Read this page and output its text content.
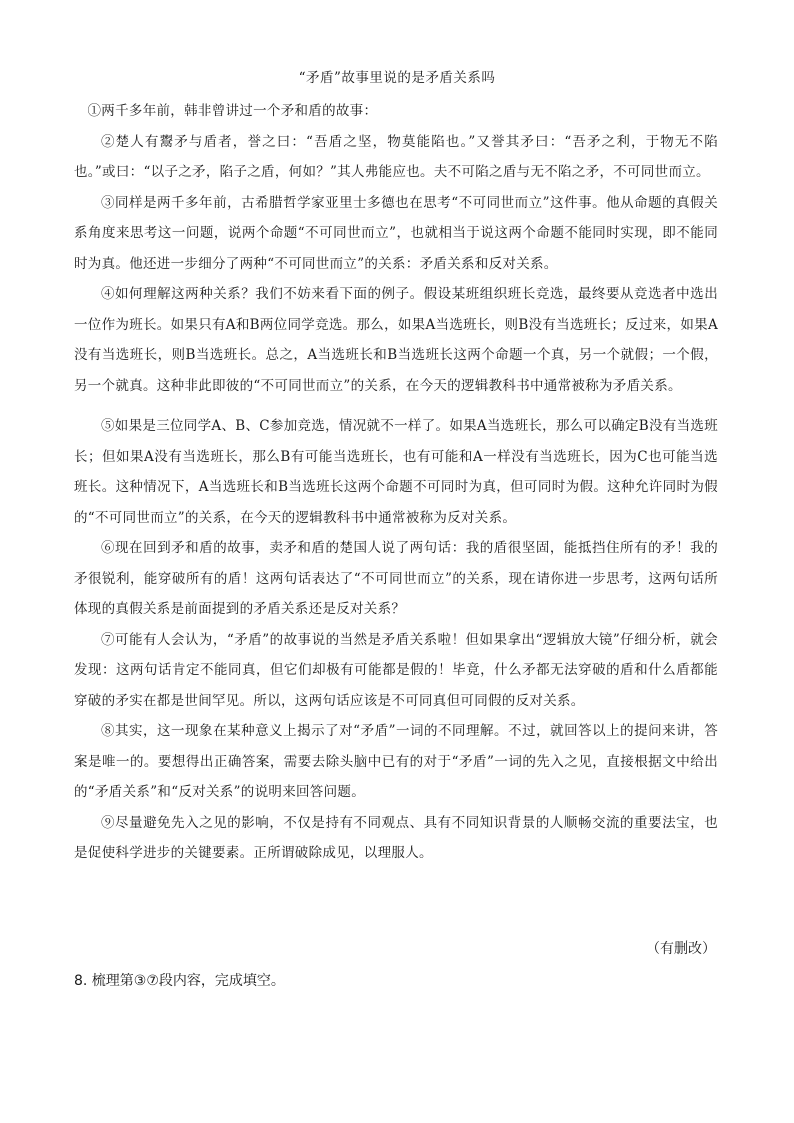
“矛盾”故事里说的是矛盾关系吗

①两千多年前，韩非曾讲过一个矛和盾的故事：

②楚人有鬻矛与盾者，誉之曰：“吾盾之坚，物莫能陷也。”又誉其矛曰：“吾矛之利，于物无不陷也。”或曰：“以子之矛，陷子之盾，何如？”其人弗能应也。夫不可陷之盾与无不陷之矛，不可同世而立。

③同样是两千多年前，古希腊哲学家亚里士多德也在思考“不可同世而立”这件事。他从命题的真假关系角度来思考这一问题，说两个命题“不可同世而立”，也就相当于说这两个命题不能同时实现，即不能同时为真。他还进一步细分了两种“不可同世而立”的关系：矛盾关系和反对关系。

④如何理解这两种关系？我们不妨来看下面的例子。假设某班组织班长竞选，最终要从竞选者中选出一位作为班长。如果只有A和B两位同学竞选。那么，如果A当选班长，则B没有当选班长；反过来，如果A没有当选班长，则B当选班长。总之，A当选班长和B当选班长这两个命题一个真，另一个就假；一个假，另一个就真。这种非此即彼的“不可同世而立”的关系，在今天的逻辑教科书中通常被称为矛盾关系。

⑤如果是三位同学A、B、C参加竞选，情况就不一样了。如果A当选班长，那么可以确定B没有当选班长；但如果A没有当选班长，那么B有可能当选班长，也有可能和A一样没有当选班长，因为C也可能当选班长。这种情况下，A当选班长和B当选班长这两个命题不可同时为真，但可同时为假。这种允许同时为假的“不可同世而立”的关系，在今天的逻辑教科书中通常被称为反对关系。

⑥现在回到矛和盾的故事，卖矛和盾的楚国人说了两句话：我的盾很坚固，能抵挡住所有的矛！我的矛很锐利，能穿破所有的盾！这两句话表达了“不可同世而立”的关系，现在请你进一步思考，这两句话所体现的真假关系是前面提到的矛盾关系还是反对关系？

⑦可能有人会认为，“矛盾”的故事说的当然是矛盾关系啦！但如果拿出“逻辑放大镜”仔细分析，就会发现：这两句话肯定不能同真，但它们却极有可能都是假的！毕竟，什么矛都无法穿破的盾和什么盾都能穿破的矛实在都是世间罕见。所以，这两句话应该是不可同真但可同假的反对关系。

⑧其实，这一现象在某种意义上揭示了对“矛盾”一词的不同理解。不过，就回答以上的提问来讲，答案是唯一的。要想得出正确答案，需要去除头脑中已有的对于“矛盾”一词的先入之见，直接根据文中给出的“矛盾关系”和“反对关系”的说明来回答问题。

⑨尽量避免先入之见的影响，不仅是持有不同观点、具有不同知识背景的人顺畅交流的重要法宝，也是促使科学进步的关键要素。正所谓破除成见，以理服人。

（有删改）
8. 梳理第③⑦段内容，完成填空。
